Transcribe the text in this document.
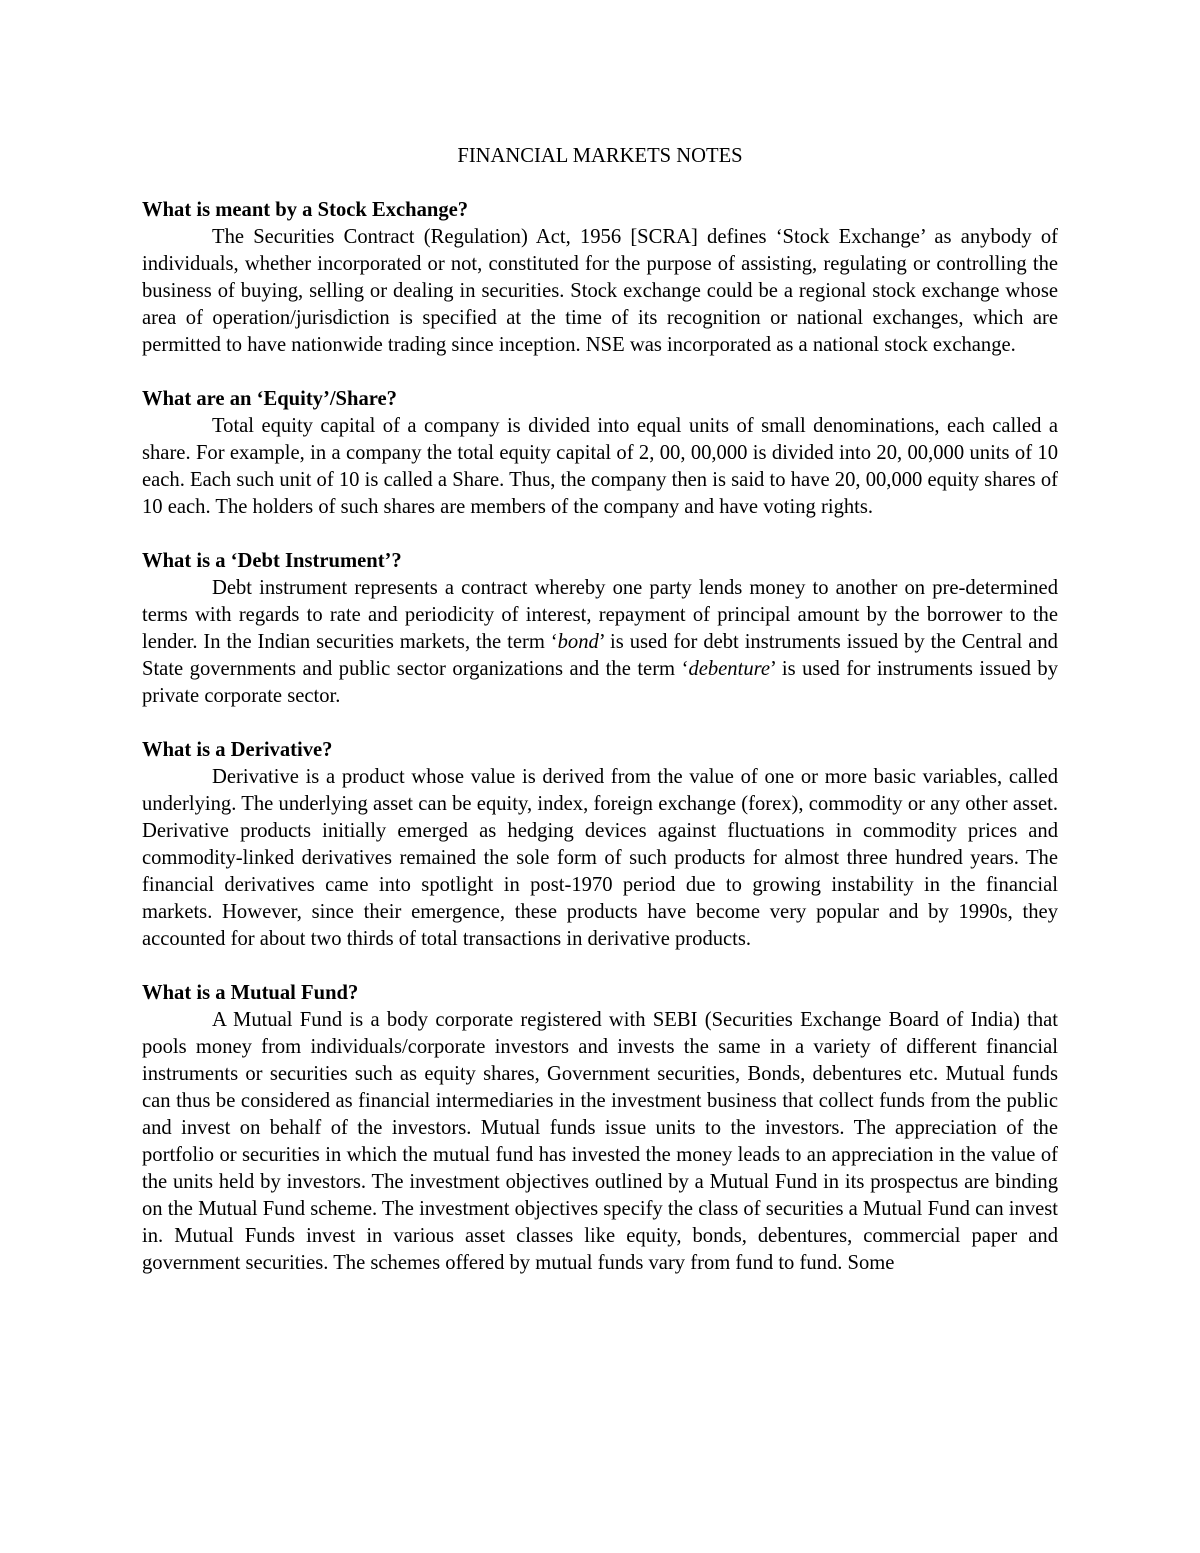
FINANCIAL MARKETS NOTES
What is meant by a Stock Exchange?

The Securities Contract (Regulation) Act, 1956 [SCRA] defines ‘Stock Exchange’ as anybody of individuals, whether incorporated or not, constituted for the purpose of assisting, regulating or controlling the business of buying, selling or dealing in securities. Stock exchange could be a regional stock exchange whose area of operation/jurisdiction is specified at the time of its recognition or national exchanges, which are permitted to have nationwide trading since inception. NSE was incorporated as a national stock exchange.

What are an ‘Equity’/Share?

Total equity capital of a company is divided into equal units of small denominations, each called a share. For example, in a company the total equity capital of 2, 00, 00,000 is divided into 20, 00,000 units of 10 each. Each such unit of 10 is called a Share. Thus, the company then is said to have 20, 00,000 equity shares of 10 each. The holders of such shares are members of the company and have voting rights.

What is a ‘Debt Instrument’?

Debt instrument represents a contract whereby one party lends money to another on pre-determined terms with regards to rate and periodicity of interest, repayment of principal amount by the borrower to the lender. In the Indian securities markets, the term ‘bond’ is used for debt instruments issued by the Central and State governments and public sector organizations and the term ‘debenture’ is used for instruments issued by private corporate sector.

What is a Derivative?

Derivative is a product whose value is derived from the value of one or more basic variables, called underlying. The underlying asset can be equity, index, foreign exchange (forex), commodity or any other asset. Derivative products initially emerged as hedging devices against fluctuations in commodity prices and commodity-linked derivatives remained the sole form of such products for almost three hundred years. The financial derivatives came into spotlight in post-1970 period due to growing instability in the financial markets. However, since their emergence, these products have become very popular and by 1990s, they accounted for about two thirds of total transactions in derivative products.

What is a Mutual Fund?

A Mutual Fund is a body corporate registered with SEBI (Securities Exchange Board of India) that pools money from individuals/corporate investors and invests the same in a variety of different financial instruments or securities such as equity shares, Government securities, Bonds, debentures etc. Mutual funds can thus be considered as financial intermediaries in the investment business that collect funds from the public and invest on behalf of the investors. Mutual funds issue units to the investors. The appreciation of the portfolio or securities in which the mutual fund has invested the money leads to an appreciation in the value of the units held by investors. The investment objectives outlined by a Mutual Fund in its prospectus are binding on the Mutual Fund scheme. The investment objectives specify the class of securities a Mutual Fund can invest in. Mutual Funds invest in various asset classes like equity, bonds, debentures, commercial paper and government securities. The schemes offered by mutual funds vary from fund to fund. Some
